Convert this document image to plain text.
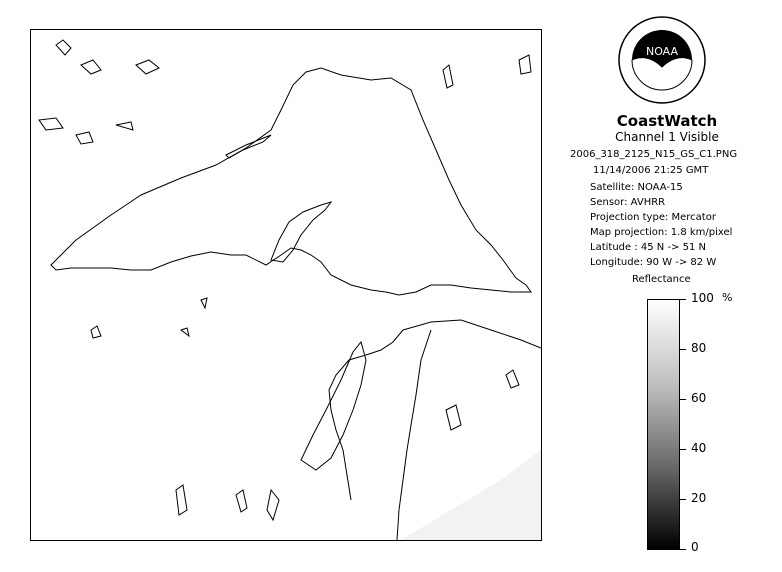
NOAA
CoastWatch
Channel 1 Visible
2006_318_2125_N15_GS_C1.PNG
11/14/2006 21:25 GMT
Satellite: NOAA-15
Sensor: AVHRR
Projection type: Mercator
Map projection: 1.8 km/pixel
Latitude : 45 N -> 51 N
Longitude: 90 W -> 82 W
Reflectance
%
100
80
60
40
20
0
